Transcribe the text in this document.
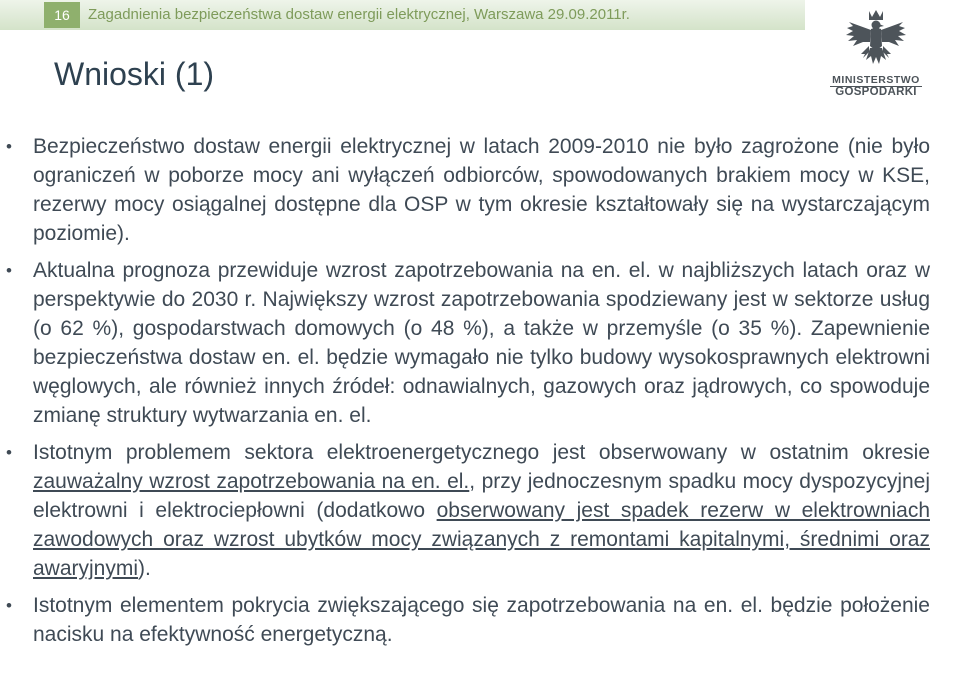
16	Zagadnienia bezpieczeństwa dostaw energii elektrycznej, Warszawa 29.09.2011r.
MINISTERSTWO
GOSPODARKI
Wnioski (1)
• Bezpieczeństwo dostaw energii elektrycznej w latach 2009-2010 nie było zagrożone (nie było ograniczeń w poborze mocy ani wyłączeń odbiorców, spowodowanych brakiem mocy w KSE, rezerwy mocy osiągalnej dostępne dla OSP w tym okresie kształtowały się na wystarczającym poziomie).
• Aktualna prognoza przewiduje wzrost zapotrzebowania na en. el. w najbliższych latach oraz w perspektywie do 2030 r. Największy wzrost zapotrzebowania spodziewany jest w sektorze usług (o 62 %), gospodarstwach domowych (o 48 %), a także w przemyśle (o 35 %). Zapewnienie bezpieczeństwa dostaw en. el. będzie wymagało nie tylko budowy wysokosprawnych elektrowni węglowych, ale również innych źródeł: odnawialnych, gazowych oraz jądrowych, co spowoduje zmianę struktury wytwarzania en. el.
• Istotnym problemem sektora elektroenergetycznego jest obserwowany w ostatnim okresie zauważalny wzrost zapotrzebowania na en. el., przy jednoczesnym spadku mocy dyspozycyjnej elektrowni i elektrociepłowni (dodatkowo obserwowany jest spadek rezerw w elektrowniach zawodowych oraz wzrost ubytków mocy związanych z remontami kapitalnymi, średnimi oraz awaryjnymi).
• Istotnym elementem pokrycia zwiększającego się zapotrzebowania na en. el. będzie położenie nacisku na efektywność energetyczną.
